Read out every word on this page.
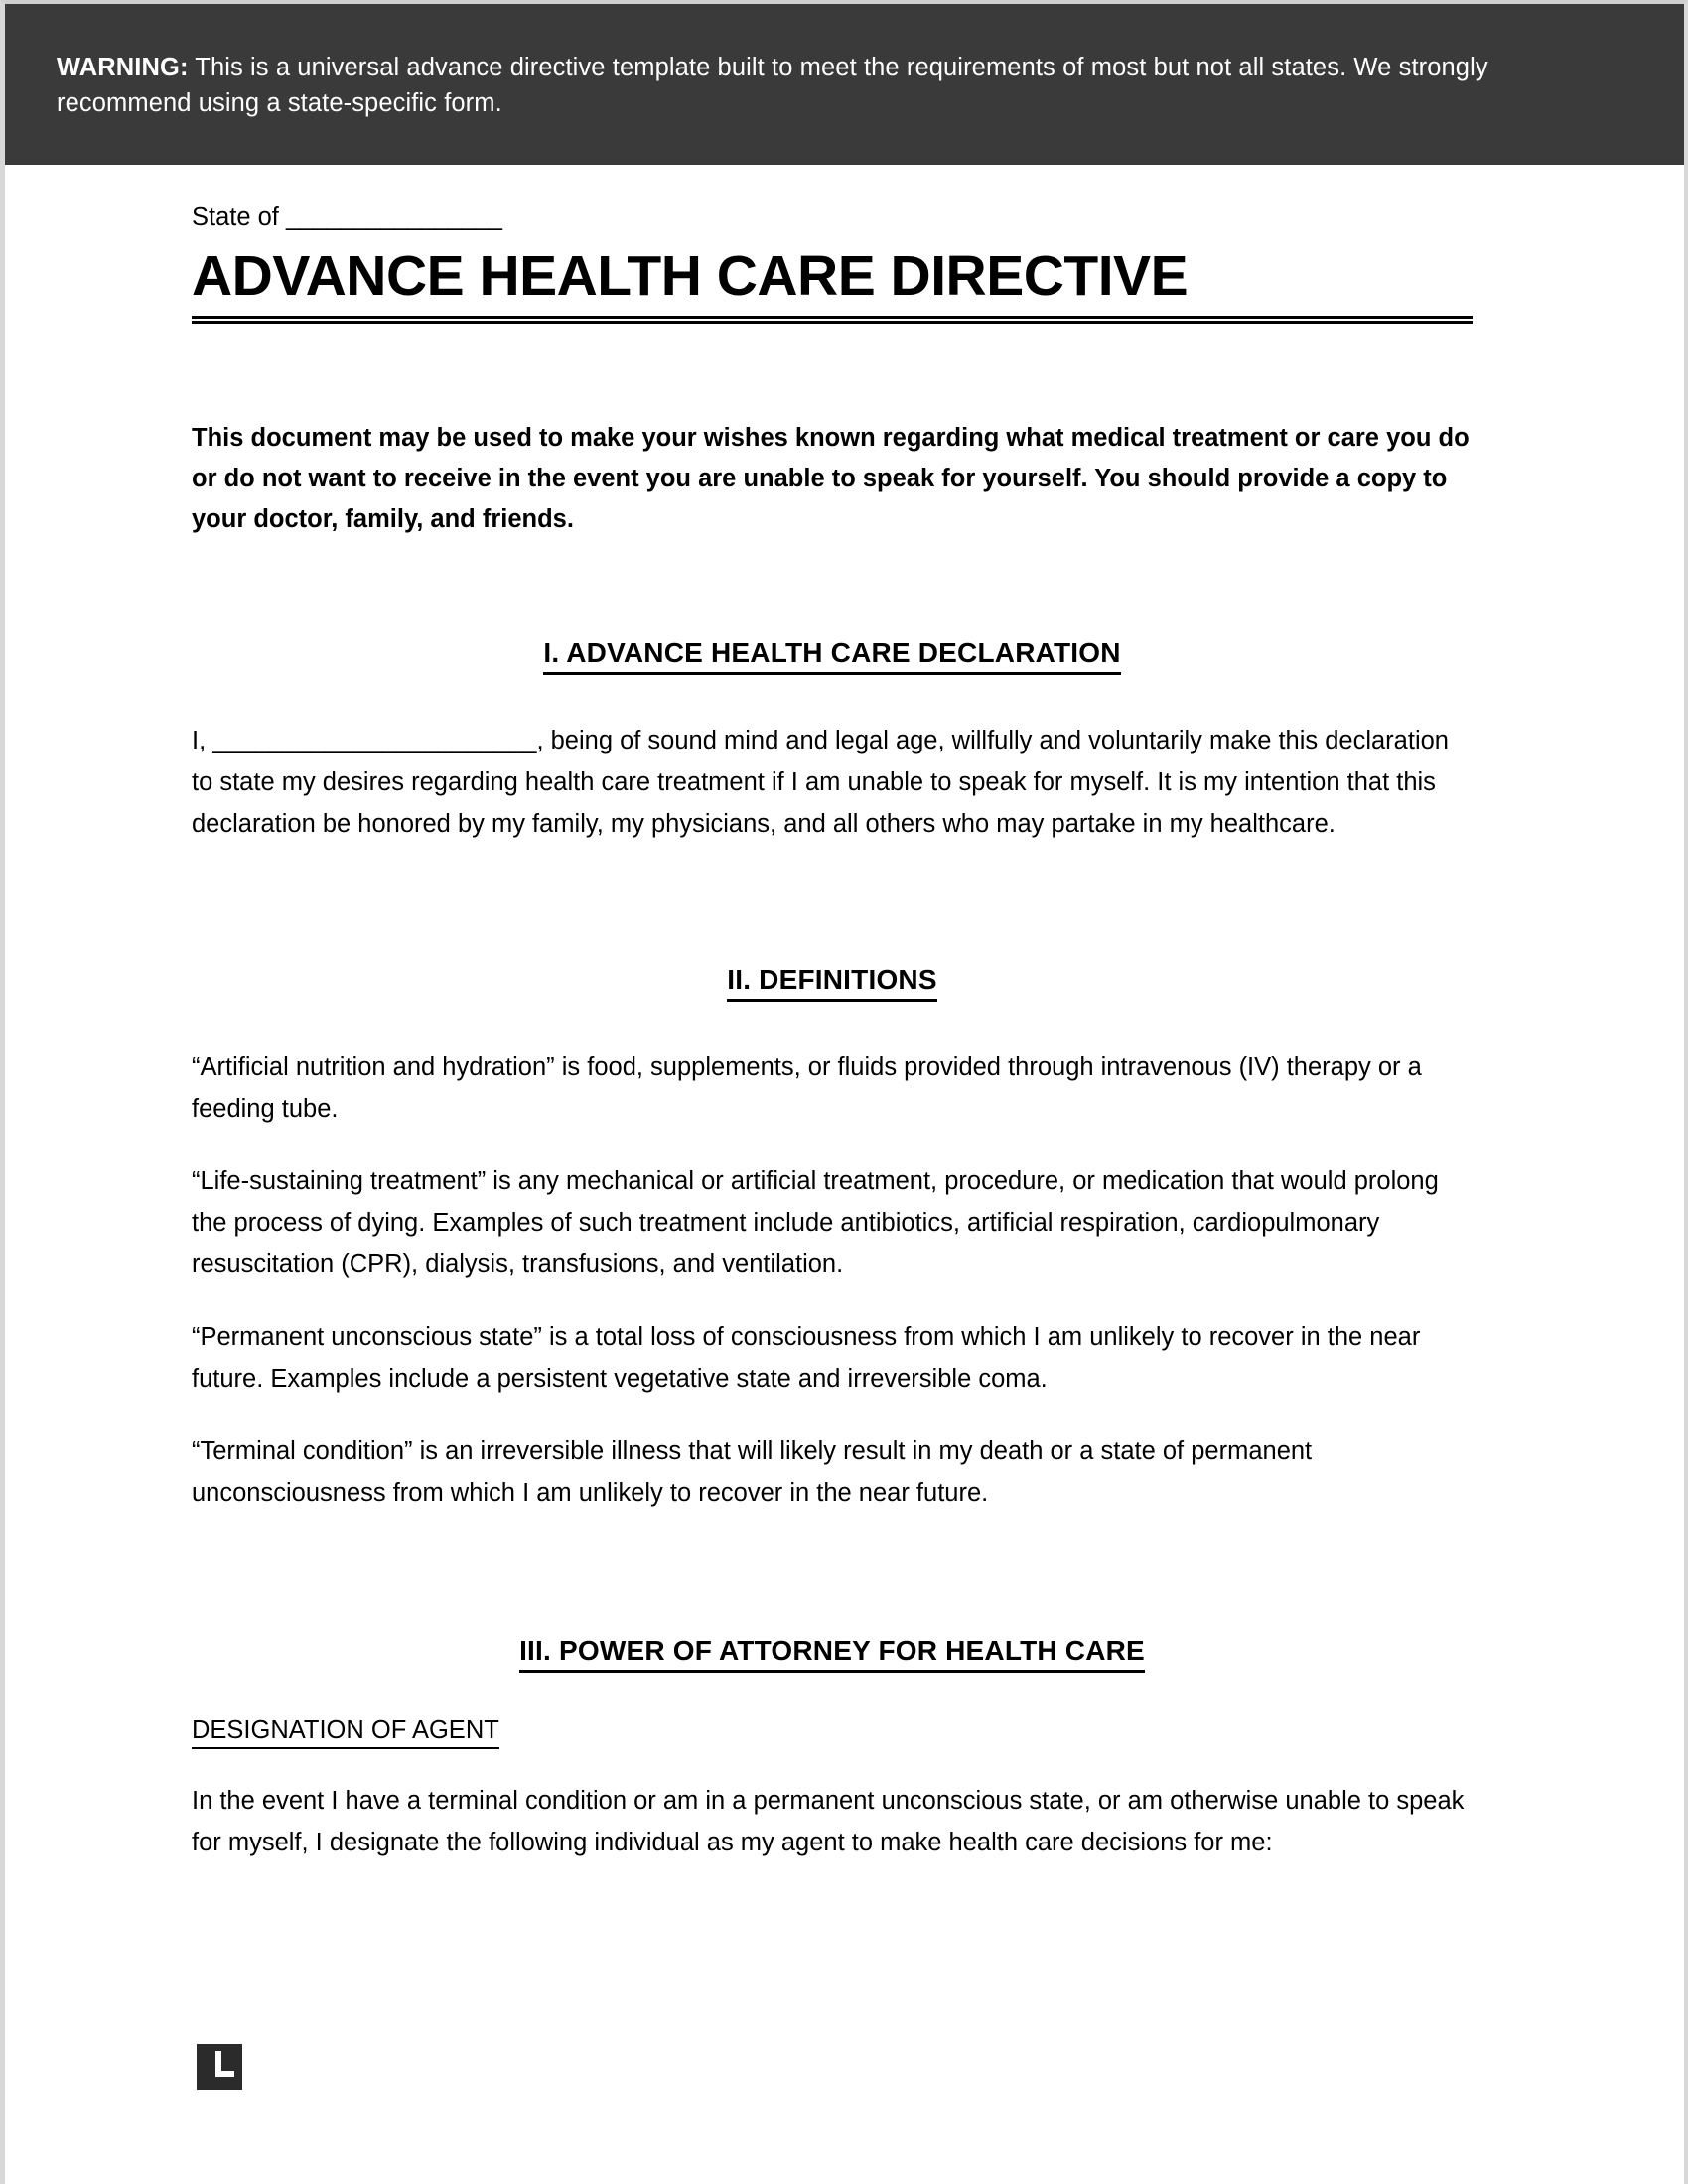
WARNING: This is a universal advance directive template built to meet the requirements of most but not all states. We strongly recommend using a state-specific form.
State of ________________
ADVANCE HEALTH CARE DIRECTIVE
This document may be used to make your wishes known regarding what medical treatment or care you do or do not want to receive in the event you are unable to speak for yourself. You should provide a copy to your doctor, family, and friends.
I. ADVANCE HEALTH CARE DECLARATION
I, _______________________, being of sound mind and legal age, willfully and voluntarily make this declaration to state my desires regarding health care treatment if I am unable to speak for myself. It is my intention that this declaration be honored by my family, my physicians, and all others who may partake in my healthcare.
II. DEFINITIONS
“Artificial nutrition and hydration” is food, supplements, or fluids provided through intravenous (IV) therapy or a feeding tube.
“Life-sustaining treatment” is any mechanical or artificial treatment, procedure, or medication that would prolong the process of dying. Examples of such treatment include antibiotics, artificial respiration, cardiopulmonary resuscitation (CPR), dialysis, transfusions, and ventilation.
“Permanent unconscious state” is a total loss of consciousness from which I am unlikely to recover in the near future. Examples include a persistent vegetative state and irreversible coma.
“Terminal condition” is an irreversible illness that will likely result in my death or a state of permanent unconsciousness from which I am unlikely to recover in the near future.
III. POWER OF ATTORNEY FOR HEALTH CARE
DESIGNATION OF AGENT
In the event I have a terminal condition or am in a permanent unconscious state, or am otherwise unable to speak for myself, I designate the following individual as my agent to make health care decisions for me:
